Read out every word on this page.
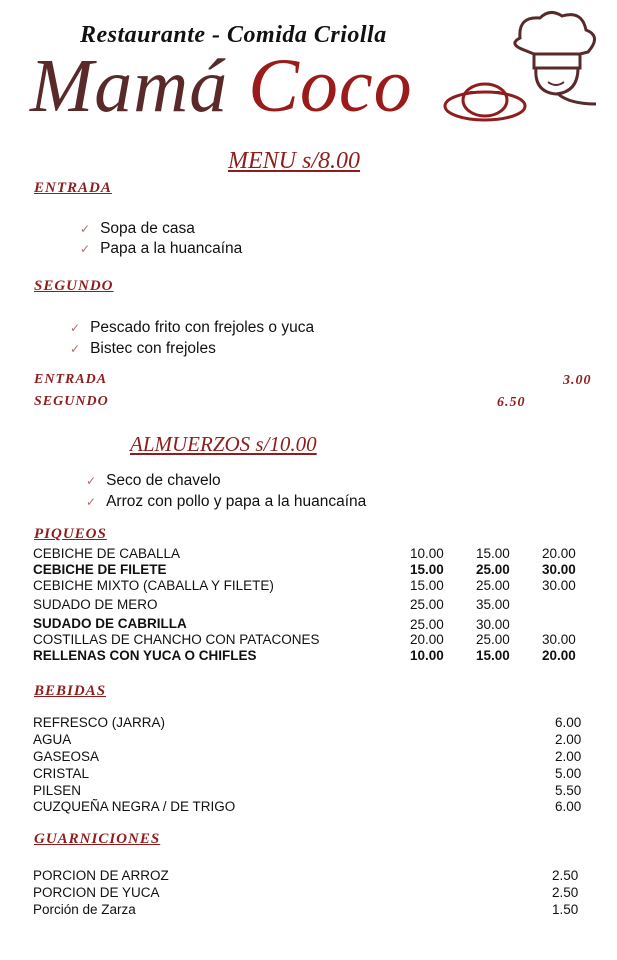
Restaurante - Comida Criolla
Mamá Coco
MENU s/8.00
ENTRADA
✓ Sopa de casa
✓ Papa a la huancaína
SEGUNDO
✓ Pescado frito con frejoles o yuca
✓ Bistec con frejoles
ENTRADA	3.00
SEGUNDO	6.50
ALMUERZOS s/10.00
✓ Seco de chavelo
✓ Arroz con pollo y papa a la huancaína
PIQUEOS
CEBICHE DE CABALLA	10.00 15.00 20.00
CEBICHE DE FILETE	15.00 25.00 30.00
CEBICHE MIXTO (CABALLA Y FILETE)	15.00 25.00 30.00
SUDADO DE MERO	25.00 35.00
SUDADO DE CABRILLA	25.00 30.00
COSTILLAS DE CHANCHO CON PATACONES	20.00 25.00 30.00
RELLENAS CON YUCA O CHIFLES	10.00 15.00 20.00
BEBIDAS
REFRESCO (JARRA)	6.00
AGUA	2.00
GASEOSA	2.00
CRISTAL	5.00
PILSEN	5.50
CUZQUEÑA NEGRA / DE TRIGO	6.00
GUARNICIONES
PORCION DE ARROZ	2.50
PORCION DE YUCA	2.50
Porción de Zarza	1.50
